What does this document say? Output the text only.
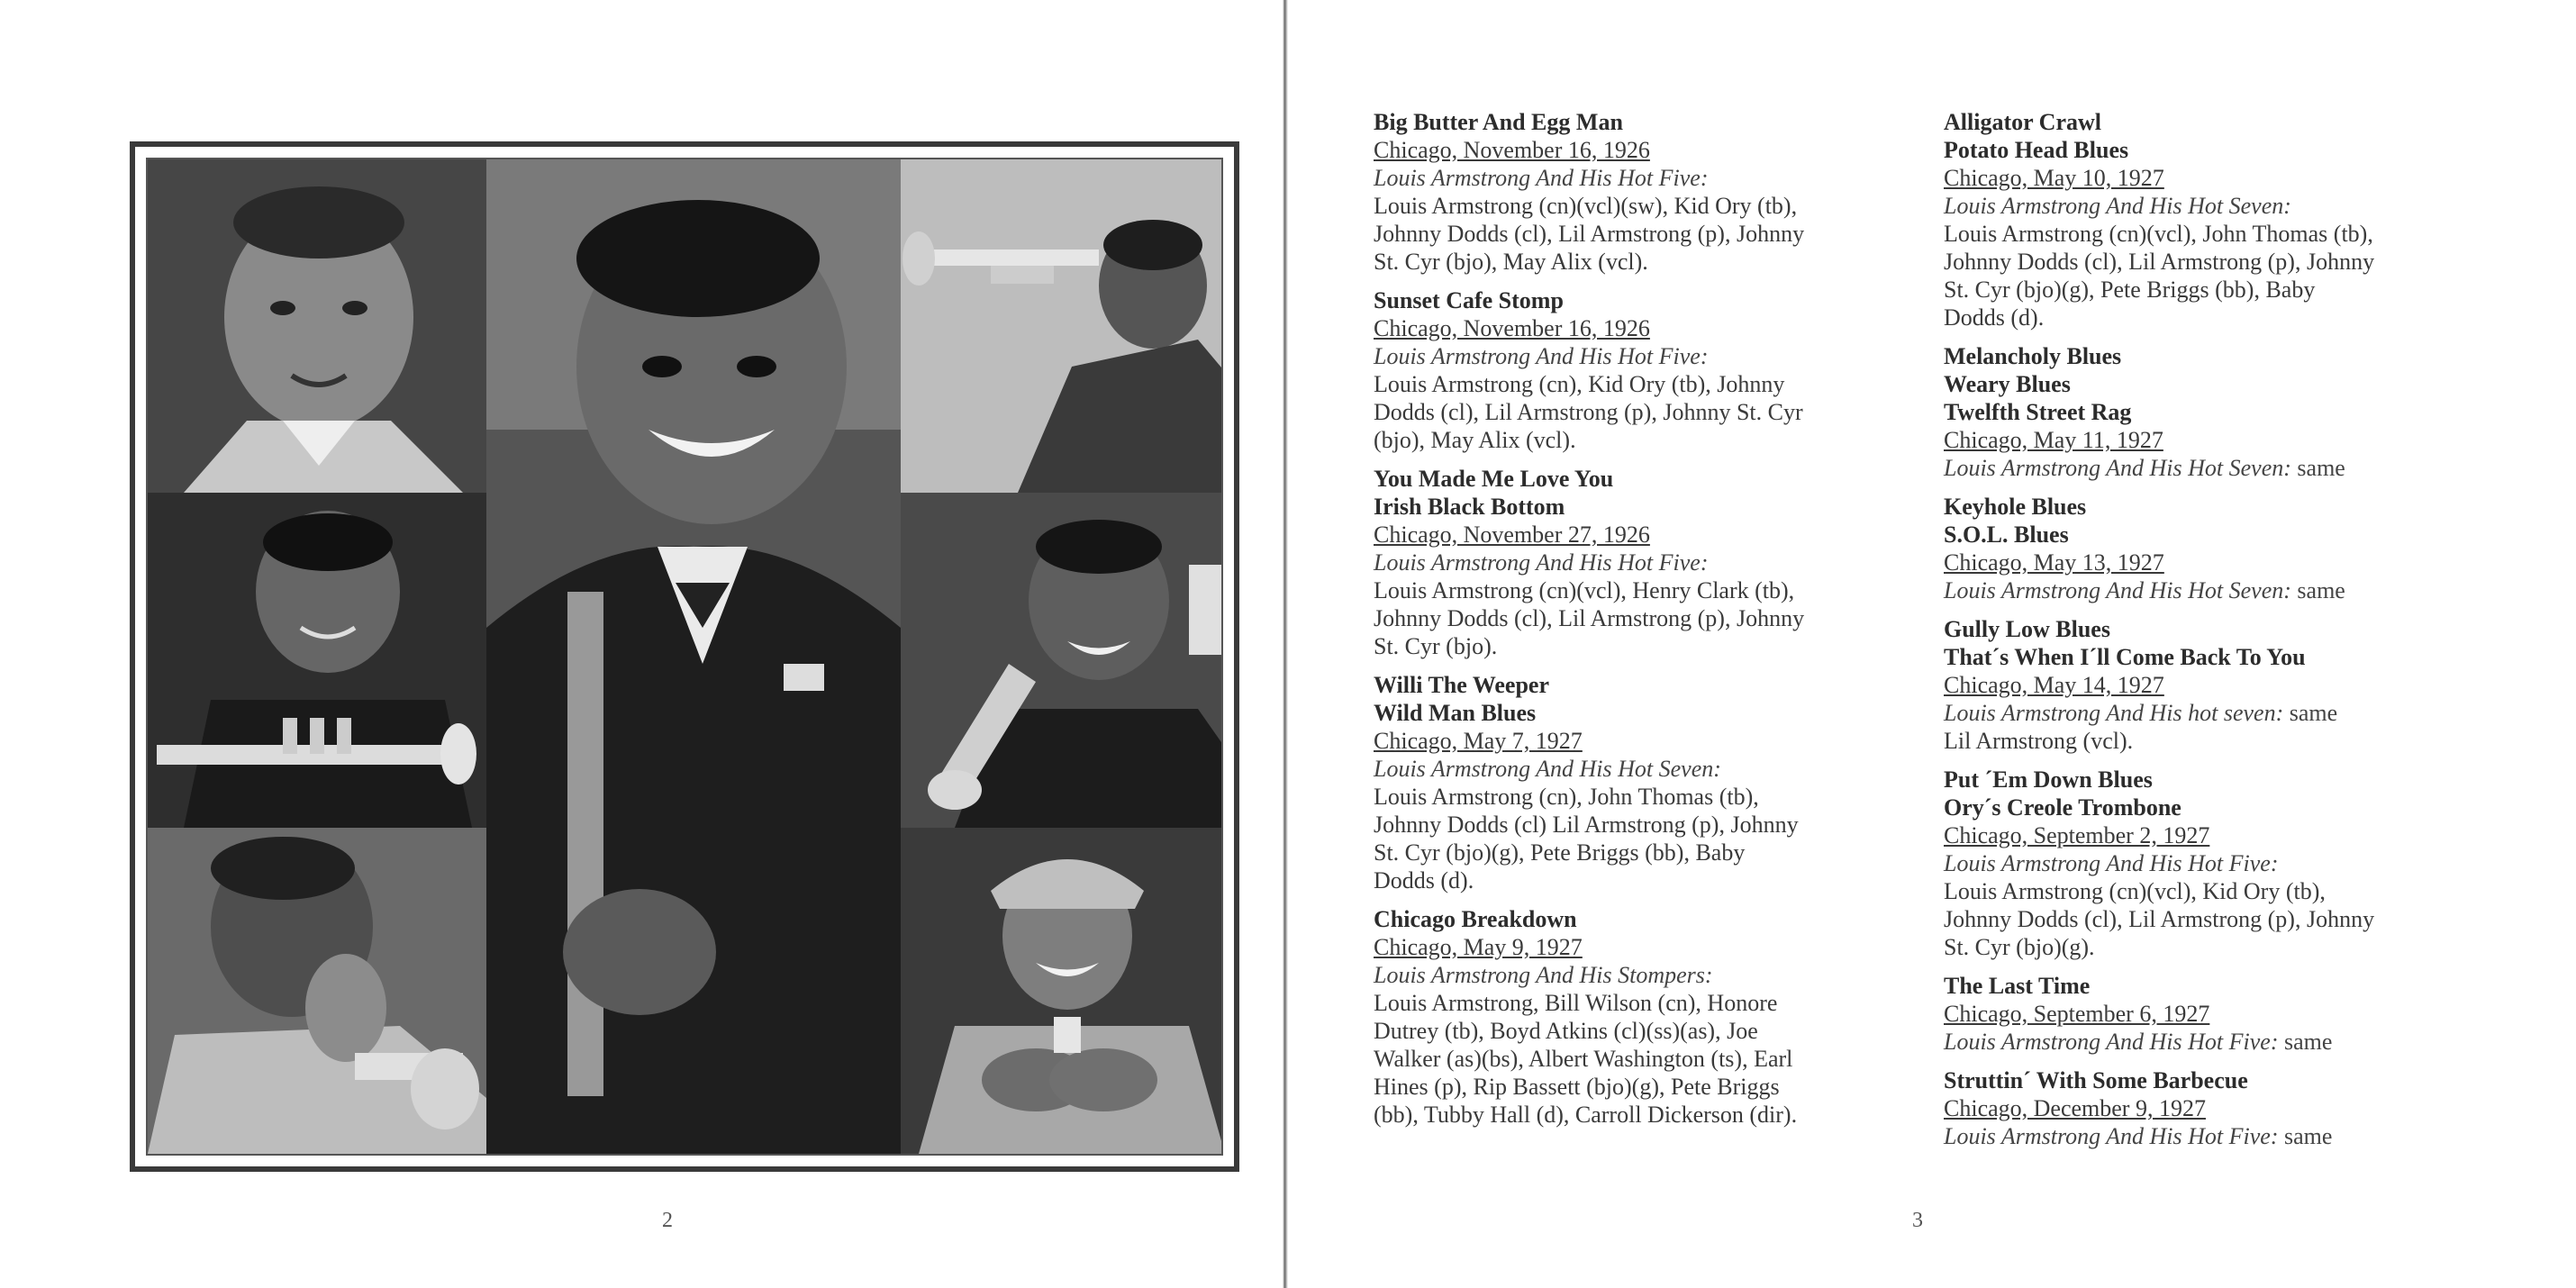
2
Big Butter And Egg Man
Chicago, November 16, 1926
Louis Armstrong And His Hot Five:
Louis Armstrong (cn)(vcl)(sw), Kid Ory (tb),
Johnny Dodds (cl), Lil Armstrong (p), Johnny
St. Cyr (bjo), May Alix (vcl).
Sunset Cafe Stomp
Chicago, November 16, 1926
Louis Armstrong And His Hot Five:
Louis Armstrong (cn), Kid Ory (tb), Johnny
Dodds (cl), Lil Armstrong (p), Johnny St. Cyr
(bjo), May Alix (vcl).
You Made Me Love You
Irish Black Bottom
Chicago, November 27, 1926
Louis Armstrong And His Hot Five:
Louis Armstrong (cn)(vcl), Henry Clark (tb),
Johnny Dodds (cl), Lil Armstrong (p), Johnny
St. Cyr (bjo).
Willi The Weeper
Wild Man Blues
Chicago, May 7, 1927
Louis Armstrong And His Hot Seven:
Louis Armstrong (cn), John Thomas (tb),
Johnny Dodds (cl) Lil Armstrong (p), Johnny
St. Cyr (bjo)(g), Pete Briggs (bb), Baby
Dodds (d).
Chicago Breakdown
Chicago, May 9, 1927
Louis Armstrong And His Stompers:
Louis Armstrong, Bill Wilson (cn), Honore
Dutrey (tb), Boyd Atkins (cl)(ss)(as), Joe
Walker (as)(bs), Albert Washington (ts), Earl
Hines (p), Rip Bassett (bjo)(g), Pete Briggs
(bb), Tubby Hall (d), Carroll Dickerson (dir).
Alligator Crawl
Potato Head Blues
Chicago, May 10, 1927
Louis Armstrong And His Hot Seven:
Louis Armstrong (cn)(vcl), John Thomas (tb),
Johnny Dodds (cl), Lil Armstrong (p), Johnny
St. Cyr (bjo)(g), Pete Briggs (bb), Baby
Dodds (d).
Melancholy Blues
Weary Blues
Twelfth Street Rag
Chicago, May 11, 1927
Louis Armstrong And His Hot Seven: same
Keyhole Blues
S.O.L. Blues
Chicago, May 13, 1927
Louis Armstrong And His Hot Seven: same
Gully Low Blues
That´s When I´ll Come Back To You
Chicago, May 14, 1927
Louis Armstrong And His hot seven: same
Lil Armstrong (vcl).
Put ´Em Down Blues
Ory´s Creole Trombone
Chicago, September 2, 1927
Louis Armstrong And His Hot Five:
Louis Armstrong (cn)(vcl), Kid Ory (tb),
Johnny Dodds (cl), Lil Armstrong (p), Johnny
St. Cyr (bjo)(g).
The Last Time
Chicago, September 6, 1927
Louis Armstrong And His Hot Five: same
Struttin´ With Some Barbecue
Chicago, December 9, 1927
Louis Armstrong And His Hot Five: same
3
